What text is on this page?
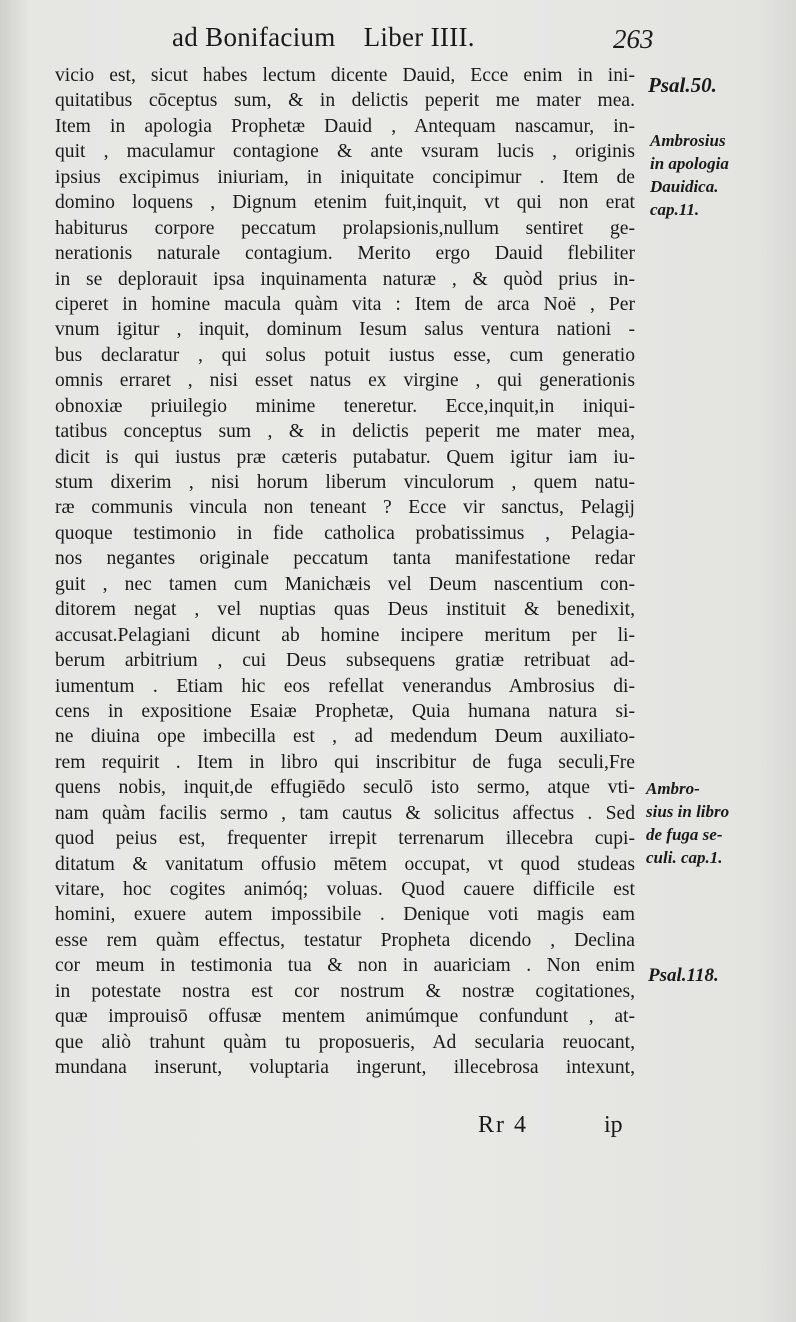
ad Bonifacium Liber IIII.	263
vicio est, sicut habes lectum dicente Dauid, Ecce enim in ini-
quitatibus cōceptus sum, & in delictis peperit me mater mea.
Item in apologia Prophetæ Dauid , Antequam nascamur, in-
quit , maculamur contagione & ante vsuram lucis , originis
ipsius excipimus iniuriam, in iniquitate concipimur . Item de
domino loquens , Dignum etenim fuit,inquit, vt qui non erat
habiturus corpore peccatum prolapsionis,nullum sentiret ge-
nerationis naturale contagium. Merito ergo Dauid flebiliter
in se deplorauit ipsa inquinamenta naturæ , & quòd prius in-
ciperet in homine macula quàm vita : Item de arca Noë , Per
vnum igitur , inquit, dominum Iesum salus ventura nationi -
bus declaratur , qui solus potuit iustus esse, cum generatio
omnis erraret , nisi esset natus ex virgine , qui generationis
obnoxiæ priuilegio minime teneretur. Ecce,inquit,in iniqui-
tatibus conceptus sum , & in delictis peperit me mater mea,
dicit is qui iustus præ cæteris putabatur. Quem igitur iam iu-
stum dixerim , nisi horum liberum vinculorum , quem natu-
ræ communis vincula non teneant ? Ecce vir sanctus, Pelagij
quoque testimonio in fide catholica probatissimus , Pelagia-
nos negantes originale peccatum tanta manifestatione redar
guit , nec tamen cum Manichæis vel Deum nascentium con-
ditorem negat , vel nuptias quas Deus instituit & benedixit,
accusat.Pelagiani dicunt ab homine incipere meritum per li-
berum arbitrium , cui Deus subsequens gratiæ retribuat ad-
iumentum . Etiam hic eos refellat venerandus Ambrosius di-
cens in expositione Esaiæ Prophetæ, Quia humana natura si-
ne diuina ope imbecilla est , ad medendum Deum auxiliato-
rem requirit . Item in libro qui inscribitur de fuga seculi,Fre
quens nobis, inquit,de effugiēdo seculō isto sermo, atque vti-
nam quàm facilis sermo , tam cautus & solicitus affectus . Sed
quod peius est, frequenter irrepit terrenarum illecebra cupi-
ditatum & vanitatum offusio mētem occupat, vt quod studeas
vitare, hoc cogites animóq; voluas. Quod cauere difficile est
homini, exuere autem impossibile . Denique voti magis eam
esse rem quàm effectus, testatur Propheta dicendo , Declina
cor meum in testimonia tua & non in auariciam . Non enim
in potestate nostra est cor nostrum & nostræ cogitationes,
quæ improuisō offusæ mentem animúmque confundunt , at-
que aliò trahunt quàm tu proposueris, Ad secularia reuocant,
mundana inserunt, voluptaria ingerunt, illecebrosa intexunt,
Psal.50.
Ambrosius
in apologia
Dauidica.
cap.11.
Ambro-
sius in libro
de fuga se-
culi. cap.1.
Psal.118.
Rr 4	ip
